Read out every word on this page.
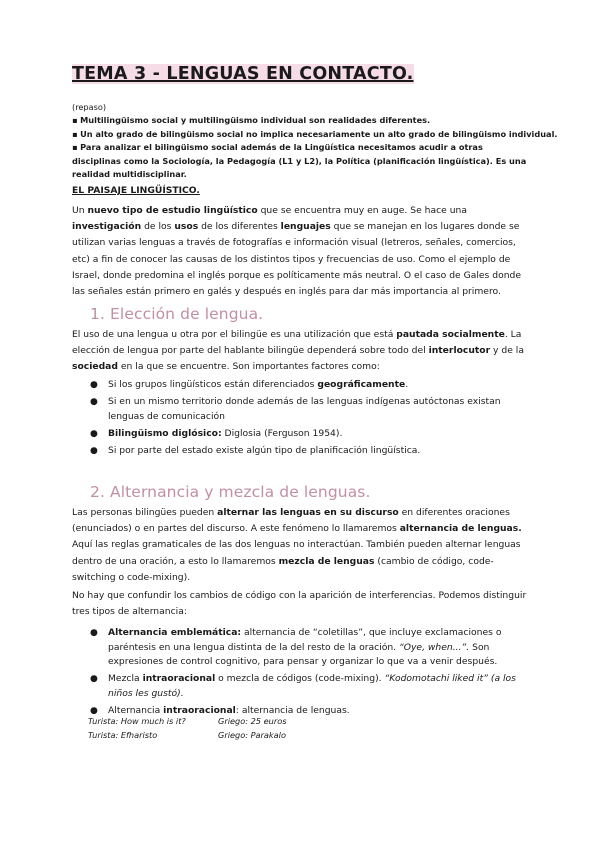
TEMA 3 - LENGUAS EN CONTACTO.
(repaso)
▪ Multilingüismo social y multilingüismo individual son realidades diferentes.
▪ Un alto grado de bilingüismo social no implica necesariamente un alto grado de bilingüismo individual.
▪ Para analizar el bilingüismo social además de la Lingüística necesitamos acudir a otras disciplinas como la Sociología, la Pedagogía (L1 y L2), la Política (planificación lingüística). Es una realidad multidisciplinar.
EL PAISAJE LINGÜÍSTICO.
Un nuevo tipo de estudio lingüístico que se encuentra muy en auge. Se hace una investigación de los usos de los diferentes lenguajes que se manejan en los lugares donde se utilizan varias lenguas a través de fotografías e información visual (letreros, señales, comercios, etc) a fin de conocer las causas de los distintos tipos y frecuencias de uso. Como el ejemplo de Israel, donde predomina el inglés porque es políticamente más neutral. O el caso de Gales donde las señales están primero en galés y después en inglés para dar más importancia al primero.
1. Elección de lengua.
El uso de una lengua u otra por el bilingüe es una utilización que está pautada socialmente. La elección de lengua por parte del hablante bilingüe dependerá sobre todo del interlocutor y de la sociedad en la que se encuentre. Son importantes factores como:
● Si los grupos lingüísticos están diferenciados geográficamente.
● Si en un mismo territorio donde además de las lenguas indígenas autóctonas existan lenguas de comunicación
● Bilingüismo diglósico: Diglosia (Ferguson 1954).
● Si por parte del estado existe algún tipo de planificación lingüística.
2. Alternancia y mezcla de lenguas.
Las personas bilingües pueden alternar las lenguas en su discurso en diferentes oraciones (enunciados) o en partes del discurso. A este fenómeno lo llamaremos alternancia de lenguas. Aquí las reglas gramaticales de las dos lenguas no interactúan. También pueden alternar lenguas dentro de una oración, a esto lo llamaremos mezcla de lenguas (cambio de código, code-switching o code-mixing).
No hay que confundir los cambios de código con la aparición de interferencias. Podemos distinguir tres tipos de alternancia:
● Alternancia emblemática: alternancia de “coletillas”, que incluye exclamaciones o paréntesis en una lengua distinta de la del resto de la oración. “Oye, when...”. Son expresiones de control cognitivo, para pensar y organizar lo que va a venir después.
● Mezcla intraoracional o mezcla de códigos (code-mixing). “Kodomotachi liked it” (a los niños les gustó).
● Alternancia intraoracional: alternancia de lenguas.
Turista: How much is it?	Griego: 25 euros
Turista: Efharisto	Griego: Parakalo
